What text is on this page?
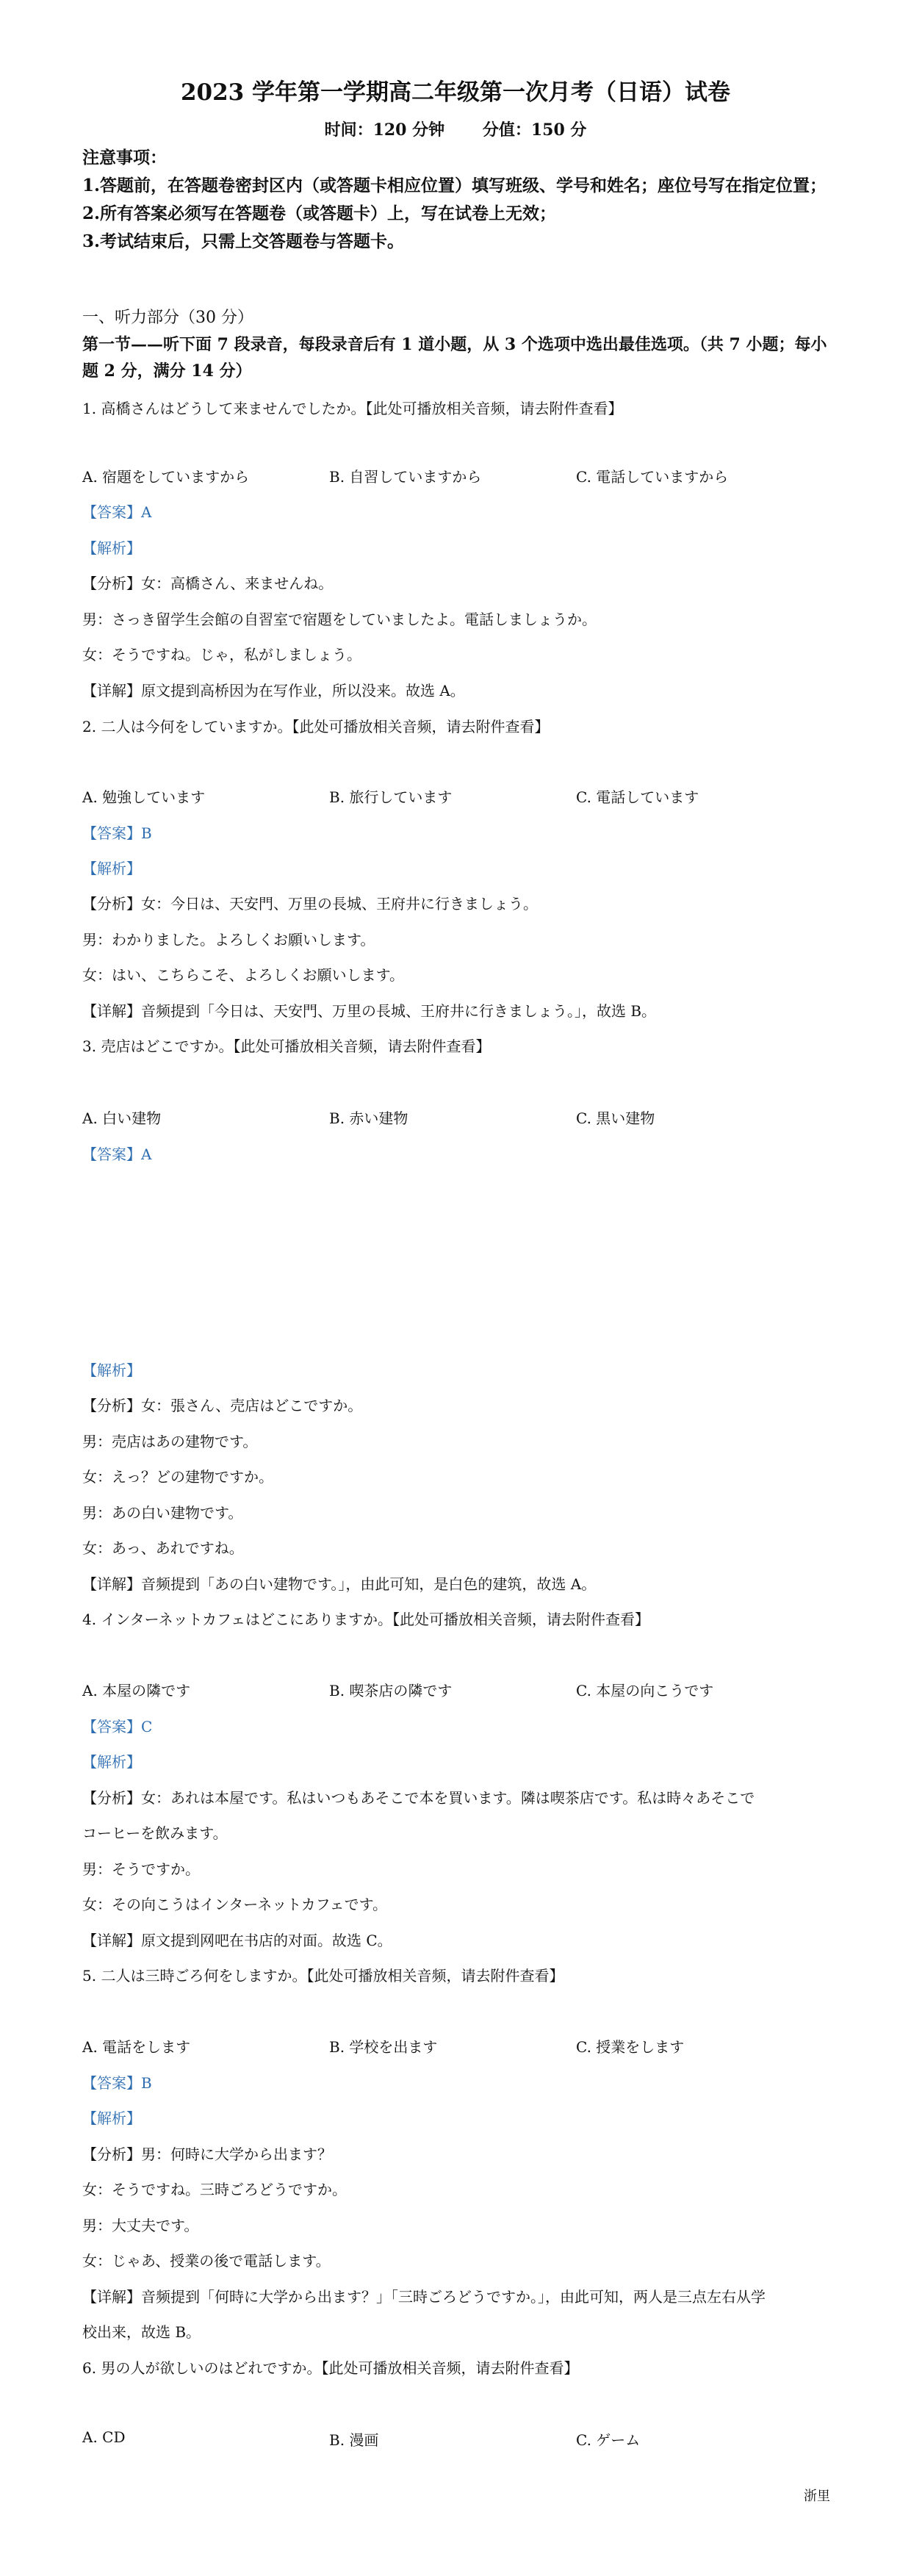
2023 学年第一学期高二年级第一次月考（日语）试卷
时间：120 分钟 分值：150 分

注意事项：

1.答题前，在答题卷密封区内（或答题卡相应位置）填写班级、学号和姓名；座位号写在指定位置；

2.所有答案必须写在答题卷（或答题卡）上，写在试卷上无效；

3.考试结束后，只需上交答题卷与答题卡。

一、听力部分（30 分）

第一节——听下面 7 段录音，每段录音后有 1 道小题，从 3 个选项中选出最佳选项。（共 7 小题；每小题 2 分，满分 14 分）

1. 高橋さんはどうして来ませんでしたか。【此处可播放相关音频，请去附件查看】
A. 宿題をしていますから	B. 自習していますから	C. 電話していますから
【答案】A
【解析】
【分析】女：高橋さん、来ませんね。
男：さっき留学生会館の自習室で宿題をしていましたよ。電話しましょうか。
女：そうですね。じゃ，私がしましょう。
【详解】原文提到高桥因为在写作业，所以没来。故选 A。
2. 二人は今何をしていますか。【此处可播放相关音频，请去附件查看】
A. 勉強しています	B. 旅行しています	C. 電話しています
【答案】B
【解析】
【分析】女：今日は、天安門、万里の長城、王府井に行きましょう。
男：わかりました。よろしくお願いします。
女：はい、こちらこそ、よろしくお願いします。
【详解】音频提到「今日は、天安門、万里の長城、王府井に行きましょう。」，故选 B。
3. 売店はどこですか。【此处可播放相关音频，请去附件查看】
A. 白い建物	B. 赤い建物	C. 黒い建物
【答案】A
【解析】
【分析】女：張さん、売店はどこですか。
男：売店はあの建物です。
女：えっ？どの建物ですか。
男：あの白い建物です。
女：あっ、あれですね。
【详解】音频提到「あの白い建物です。」，由此可知，是白色的建筑，故选 A。
4. インターネットカフェはどこにありますか。【此处可播放相关音频，请去附件查看】
A. 本屋の隣です	B. 喫茶店の隣です	C. 本屋の向こうです
【答案】C
【解析】
【分析】女：あれは本屋です。私はいつもあそこで本を買います。隣は喫茶店です。私は時々あそこで
コーヒーを飲みます。
男：そうですか。
女：その向こうはインターネットカフェです。
【详解】原文提到网吧在书店的对面。故选 C。
5. 二人は三時ごろ何をしますか。【此处可播放相关音频，请去附件查看】
A. 電話をします	B. 学校を出ます	C. 授業をします
【答案】B
【解析】
【分析】男：何時に大学から出ます？
女：そうですね。三時ごろどうですか。
男：大丈夫です。
女：じゃあ、授業の後で電話します。
【详解】音频提到「何時に大学から出ます？」「三時ごろどうですか。」，由此可知，两人是三点左右从学
校出来，故选 B。
6. 男の人が欲しいのはどれですか。【此处可播放相关音频，请去附件查看】
A. CD	B. 漫画	C. ゲーム
浙里
